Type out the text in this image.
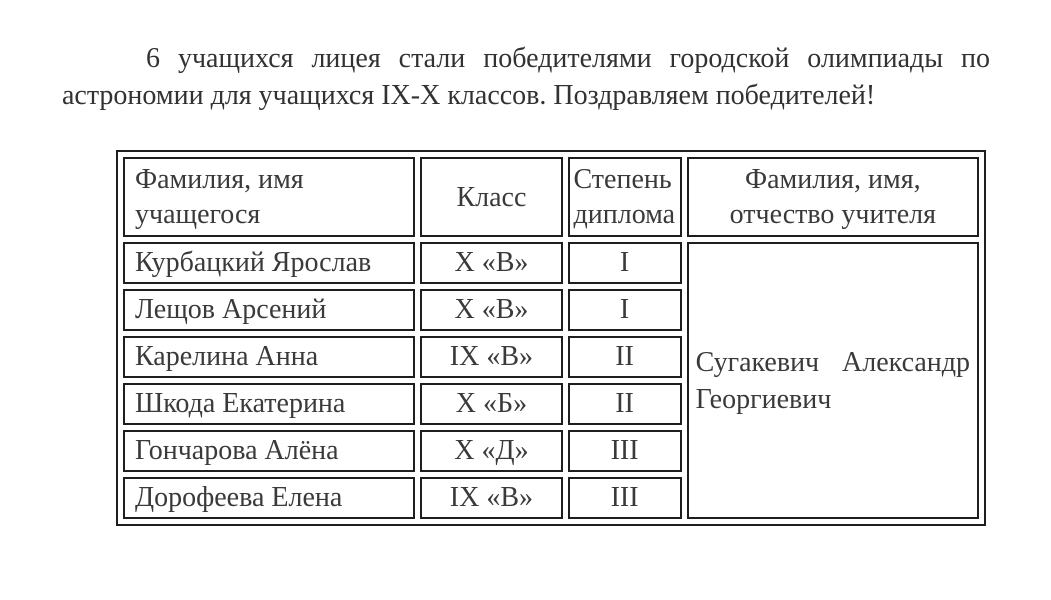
6 учащихся лицея стали победителями городской олимпиады по астрономии для учащихся IX-X классов. Поздравляем победителей!

Фамилия, имя учащегося	Класс	Степень диплома	Фамилия, имя, отчество учителя
Курбацкий Ярослав	X «В»	I	Сугакевич Александр Георгиевич
Лещов Арсений	X «В»	I	
Карелина Анна	IX «В»	II	
Шкода Екатерина	X «Б»	II	
Гончарова Алёна	X «Д»	III	
Дорофеева Елена	IX «В»	III	
